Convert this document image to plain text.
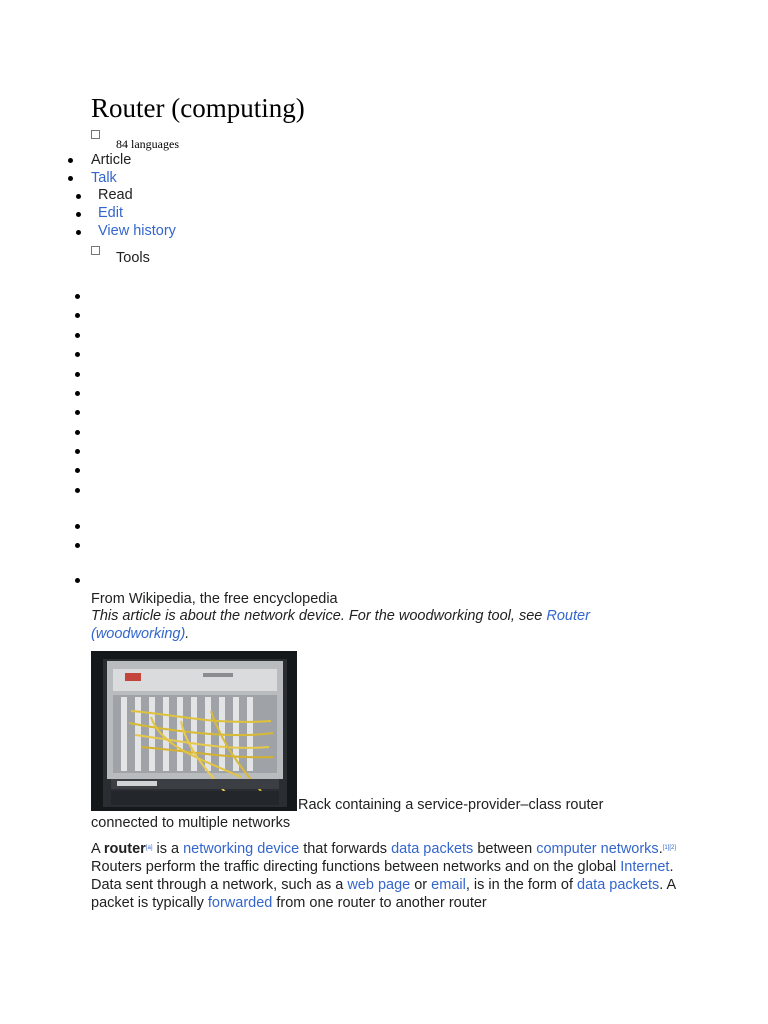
Router (computing)
84 languages
Article
Talk
Read
Edit
View history
Tools
From Wikipedia, the free encyclopedia
This article is about the network device. For the woodworking tool, see Router (woodworking).
Rack containing a service-provider–class router connected to multiple networks

A router[a] is a networking device that forwards data packets between computer networks.[1][2] Routers perform the traffic directing functions between networks and on the global Internet. Data sent through a network, such as a web page or email, is in the form of data packets. A packet is typically forwarded from one router to another router
